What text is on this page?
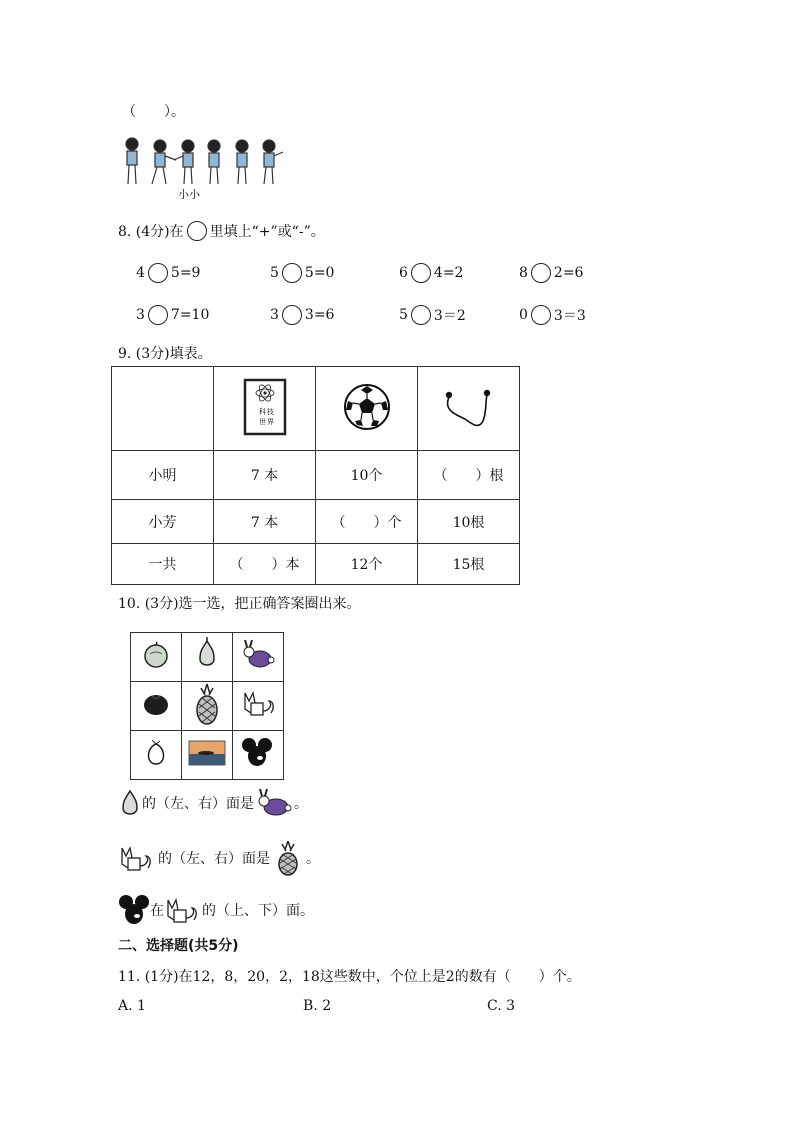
（　　）。
小小
8. (4分)在 里填上“+”或“-”。
4 5=9	5 5=0	6 4=2	8 2=6
3 7=10	3 3=6	5 3＝2	0 3＝3
9. (3分)填表。

科 技
世 界

小明	7 本	10个	（　　）根
小芳	7 本	（　　）个	10根
一共	（　　）本	12个	15根
10. (3分)选一选，把正确答案圈出来。

的（左、右）面是	。
的（左、右）面是	。
在	的（上、下）面。
二、选择题(共5分)
11. (1分)在12，8，20，2，18这些数中，个位上是2的数有（　　）个。
A. 1	B. 2	C. 3
